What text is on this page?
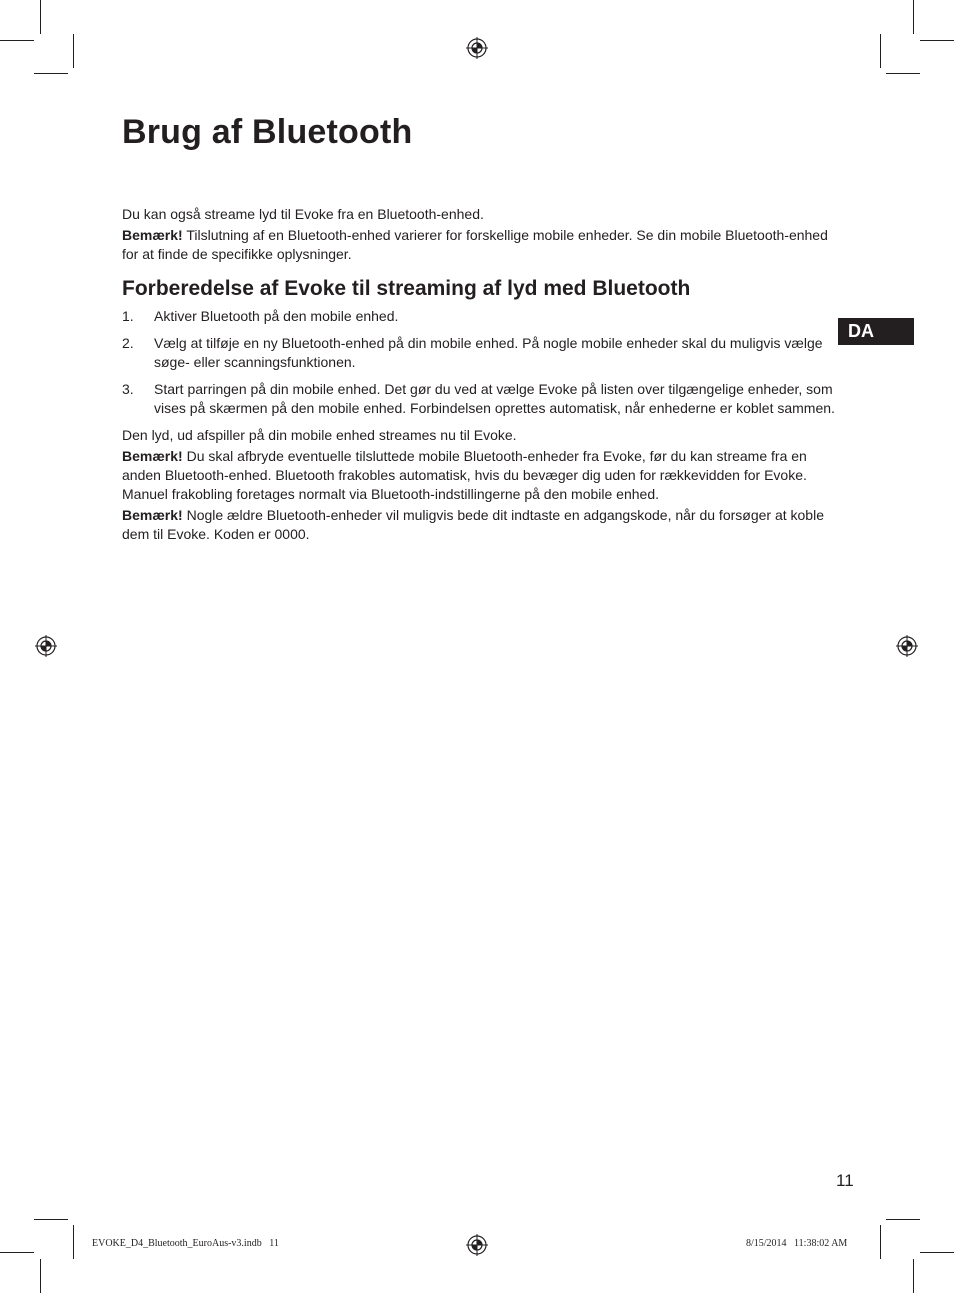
Brug af Bluetooth

Du kan også streame lyd til Evoke fra en Bluetooth-enhed.

Bemærk! Tilslutning af en Bluetooth-enhed varierer for forskellige mobile enheder. Se din mobile Bluetooth-enhed for at finde de specifikke oplysninger.

Forberedelse af Evoke til streaming af lyd med Bluetooth
1.	Aktiver Bluetooth på den mobile enhed.
2.	Vælg at tilføje en ny Bluetooth-enhed på din mobile enhed. På nogle mobile enheder skal du muligvis vælge søge- eller scanningsfunktionen.
3.	Start parringen på din mobile enhed. Det gør du ved at vælge Evoke på listen over tilgængelige enheder, som vises på skærmen på den mobile enhed. Forbindelsen oprettes automatisk, når enhederne er koblet sammen.

Den lyd, ud afspiller på din mobile enhed streames nu til Evoke.

Bemærk! Du skal afbryde eventuelle tilsluttede mobile Bluetooth-enheder fra Evoke, før du kan streame fra en anden Bluetooth-enhed. Bluetooth frakobles automatisk, hvis du bevæger dig uden for rækkevidden for Evoke. Manuel frakobling foretages normalt via Bluetooth-indstillingerne på den mobile enhed.

Bemærk! Nogle ældre Bluetooth-enheder vil muligvis bede dit indtaste en adgangskode, når du forsøger at koble dem til Evoke. Koden er 0000.

DA
11
EVOKE_D4_Bluetooth_EuroAus-v3.indb   11	8/15/2014   11:38:02 AM
